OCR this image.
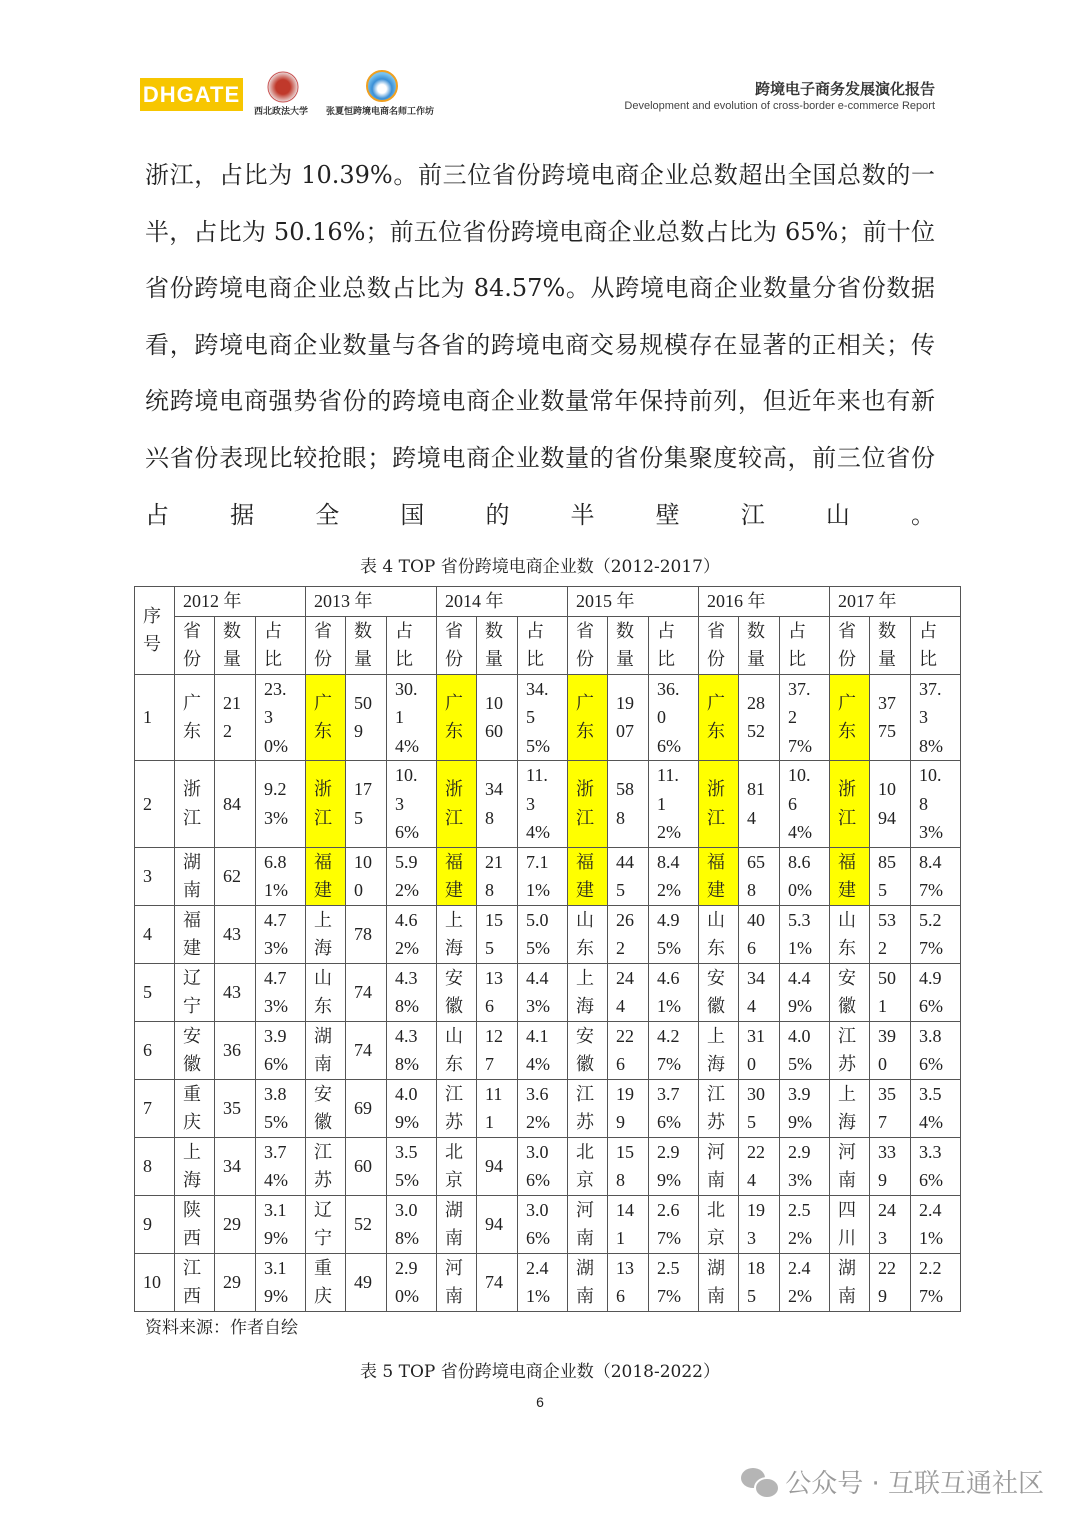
DHGATE
西北政法大学 张夏恒跨境电商名师工作坊
跨境电子商务发展演化报告
Development and evolution of cross-border e-commerce Report

浙江，占比为 10.39%。前三位省份跨境电商企业总数超出全国总数的一半，占比为 50.16%；前五位省份跨境电商企业总数占比为 65%；前十位省份跨境电商企业总数占比为 84.57%。从跨境电商企业数量分省份数据看，跨境电商企业数量与各省的跨境电商交易规模存在显著的正相关；传统跨境电商强势省份的跨境电商企业数量常年保持前列，但近年来也有新兴省份表现比较抢眼；跨境电商企业数量的省份集聚度较高，前三位省份占据全国的半壁江山。

表 4 TOP 省份跨境电商企业数（2012-2017）
序号	2012 年			2013 年			2014 年			2015 年			2016 年			2017 年		
	省份	数量	占比	省份	数量	占比	省份	数量	占比	省份	数量	占比	省份	数量	占比	省份	数量	占比
1	广东	212	23.30%	广东	509	30.14%	广东	1060	34.55%	广东	1907	36.06%	广东	2852	37.27%	广东	3775	37.38%
2	浙江	84	9.23%	浙江	175	10.36%	浙江	348	11.34%	浙江	588	11.12%	浙江	814	10.64%	浙江	1094	10.83%
3	湖南	62	6.81%	福建	100	5.92%	福建	218	7.11%	福建	445	8.42%	福建	658	8.60%	福建	855	8.47%
4	福建	43	4.73%	上海	78	4.62%	上海	155	5.05%	山东	262	4.95%	山东	406	5.31%	山东	532	5.27%
5	辽宁	43	4.73%	山东	74	4.38%	安徽	136	4.43%	上海	244	4.61%	安徽	344	4.49%	安徽	501	4.96%
6	安徽	36	3.96%	湖南	74	4.38%	山东	127	4.14%	安徽	226	4.27%	上海	310	4.05%	江苏	390	3.86%
7	重庆	35	3.85%	安徽	69	4.09%	江苏	111	3.62%	江苏	199	3.76%	江苏	305	3.99%	上海	357	3.54%
8	上海	34	3.74%	江苏	60	3.55%	北京	94	3.06%	北京	158	2.99%	河南	224	2.93%	河南	339	3.36%
9	陕西	29	3.19%	辽宁	52	3.08%	湖南	94	3.06%	河南	141	2.67%	北京	193	2.52%	四川	243	2.41%
10	江西	29	3.19%	重庆	49	2.90%	河南	74	2.41%	湖南	136	2.57%	湖南	185	2.42%	湖南	229	2.27%
资料来源：作者自绘
表 5 TOP 省份跨境电商企业数（2018-2022）
6
公众号 · 互联互通社区
